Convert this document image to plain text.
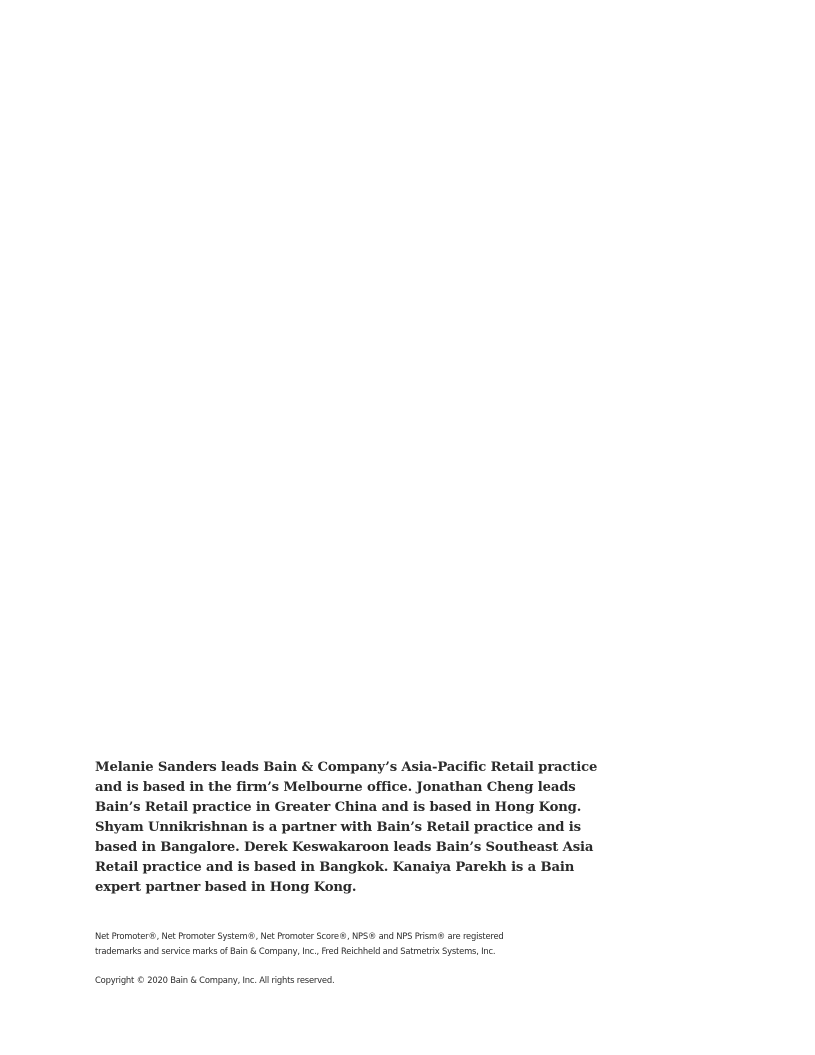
Melanie Sanders leads Bain & Company’s Asia-Pacific Retail practice
and is based in the firm’s Melbourne office. Jonathan Cheng leads
Bain’s Retail practice in Greater China and is based in Hong Kong.
Shyam Unnikrishnan is a partner with Bain’s Retail practice and is
based in Bangalore. Derek Keswakaroon leads Bain’s Southeast Asia
Retail practice and is based in Bangkok. Kanaiya Parekh is a Bain
expert partner based in Hong Kong.

Net Promoter®, Net Promoter System®, Net Promoter Score®, NPS® and NPS Prism® are registered
trademarks and service marks of Bain & Company, Inc., Fred Reichheld and Satmetrix Systems, Inc.

Copyright © 2020 Bain & Company, Inc. All rights reserved.
